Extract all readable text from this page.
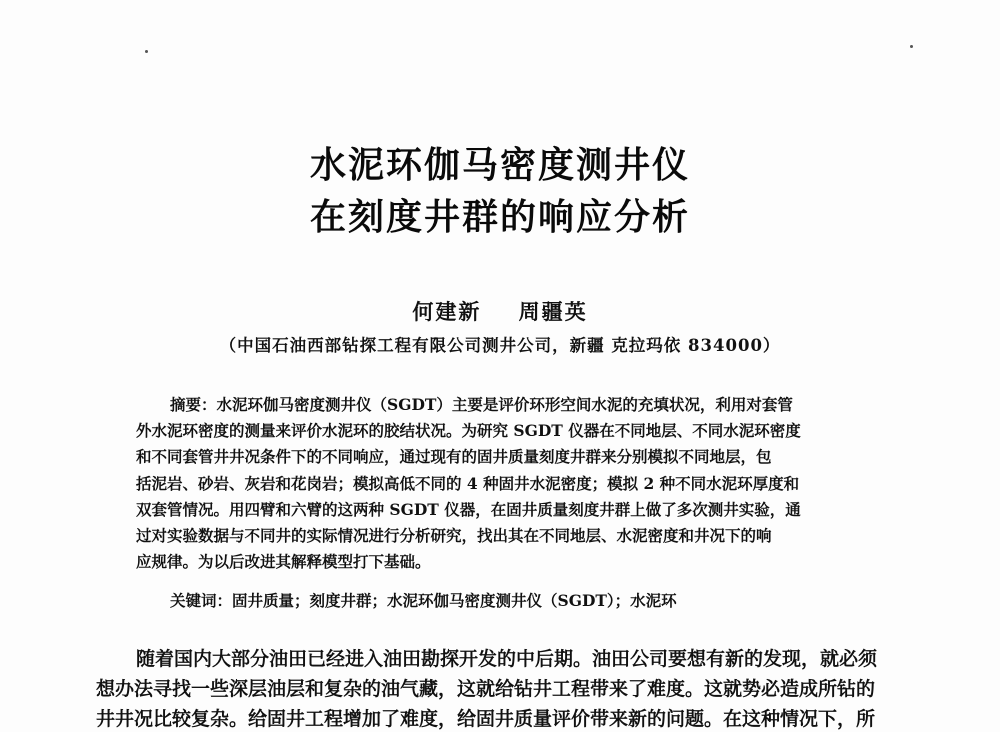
水泥环伽马密度测井仪
在刻度井群的响应分析
何建新 周疆英
（中国石油西部钻探工程有限公司测井公司，新疆 克拉玛依 834000）
摘要：水泥环伽马密度测井仪（SGDT）主要是评价环形空间水泥的充填状况，利用对套管
外水泥环密度的测量来评价水泥环的胶结状况。为研究 SGDT 仪器在不同地层、不同水泥环密度
和不同套管井井况条件下的不同响应，通过现有的固井质量刻度井群来分别模拟不同地层，包
括泥岩、砂岩、灰岩和花岗岩；模拟高低不同的 4 种固井水泥密度；模拟 2 种不同水泥环厚度和
双套管情况。用四臂和六臂的这两种 SGDT 仪器，在固井质量刻度井群上做了多次测井实验，通
过对实验数据与不同井的实际情况进行分析研究，找出其在不同地层、水泥密度和井况下的响
应规律。为以后改进其解释模型打下基础。
关键词：固井质量；刻度井群；水泥环伽马密度测井仪（SGDT）；水泥环
随着国内大部分油田已经进入油田勘探开发的中后期。油田公司要想有新的发现，就必须
想办法寻找一些深层油层和复杂的油气藏，这就给钻井工程带来了难度。这就势必造成所钻的
井井况比较复杂。给固井工程增加了难度，给固井质量评价带来新的问题。在这种情况下，所
